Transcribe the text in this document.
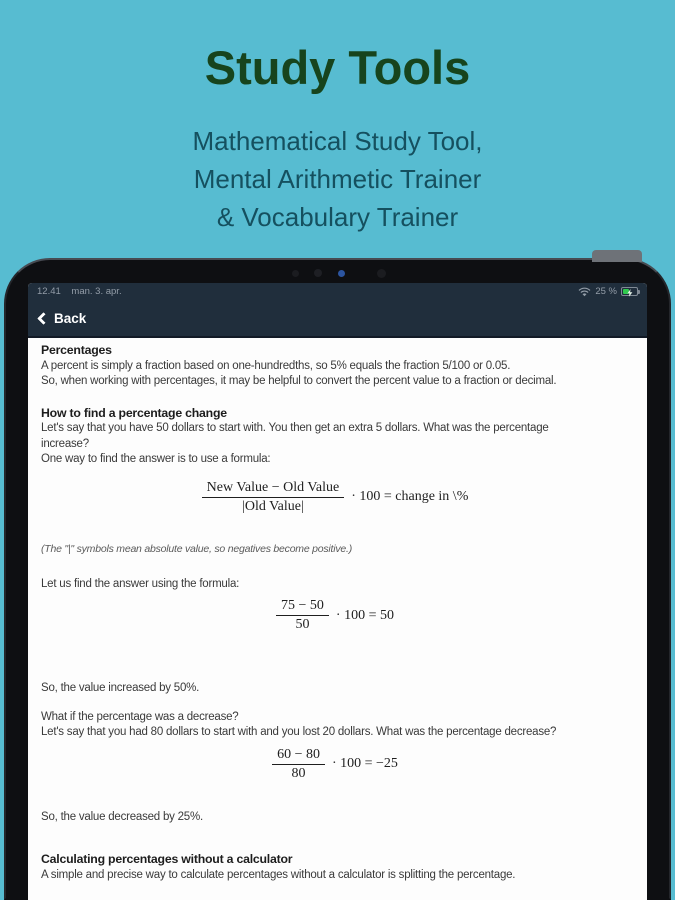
Study Tools
Mathematical Study Tool,
Mental Arithmetic Trainer
& Vocabulary Trainer
12.41 man. 3. apr.	25 %
Back
Percentages
A percent is simply a fraction based on one-hundredths, so 5% equals the fraction 5/100 or 0.05.
So, when working with percentages, it may be helpful to convert the percent value to a fraction or decimal.
How to find a percentage change
Let's say that you have 50 dollars to start with. You then get an extra 5 dollars. What was the percentage
increase?
One way to find the answer is to use a formula:
$\frac{\text{New Value − Old Value}}{\text{|Old Value|}} \cdot 100$ = change in \%
(The "|" symbols mean absolute value, so negatives become positive.)
Let us find the answer using the formula:
$\frac{75 - 50}{50} \cdot 100 = 50$
So, the value increased by 50%.
What if the percentage was a decrease?
Let's say that you had 80 dollars to start with and you lost 20 dollars. What was the percentage decrease?
$\frac{60 - 80}{80} \cdot 100 = -25$
So, the value decreased by 25%.
Calculating percentages without a calculator
A simple and precise way to calculate percentages without a calculator is splitting the percentage.
